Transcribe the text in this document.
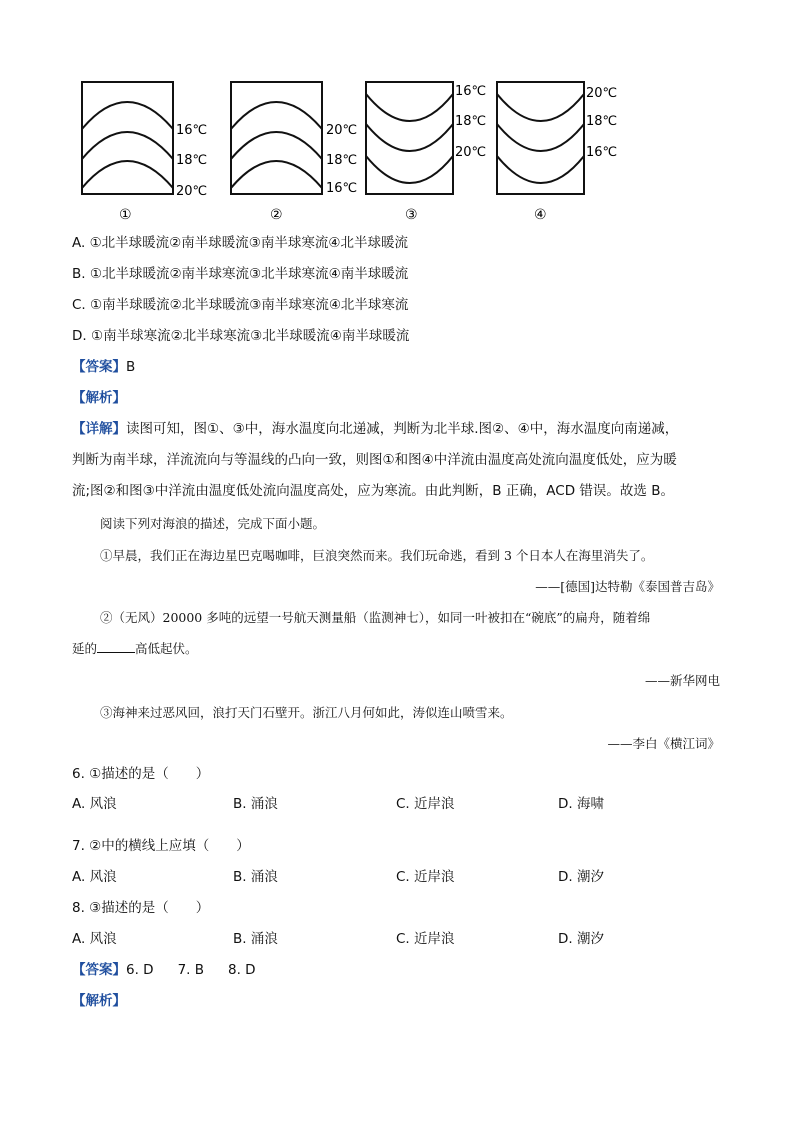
16℃
18℃
20℃
①
20℃
18℃
16℃
②
16℃
18℃
20℃
③
20℃
18℃
16℃
④
A. ①北半球暖流②南半球暖流③南半球寒流④北半球暖流
B. ①北半球暖流②南半球寒流③北半球寒流④南半球暖流
C. ①南半球暖流②北半球暖流③南半球寒流④北半球寒流
D. ①南半球寒流②北半球寒流③北半球暖流④南半球暖流
【答案】B
【解析】
【详解】读图可知，图①、③中，海水温度向北递减，判断为北半球.图②、④中，海水温度向南递减，
判断为南半球，洋流流向与等温线的凸向一致，则图①和图④中洋流由温度高处流向温度低处，应为暖
流;图②和图③中洋流由温度低处流向温度高处，应为寒流。由此判断，B 正确，ACD 错误。故选 B。
阅读下列对海浪的描述，完成下面小题。
①早晨，我们正在海边星巴克喝咖啡，巨浪突然而来。我们玩命逃，看到 3 个日本人在海里消失了。
——[德国]达特勒《泰国普吉岛》
②（无风）20000 多吨的远望一号航天测量船（监测神七），如同一叶被扣在“碗底”的扁舟，随着绵
延的	高低起伏。
——新华网电
③海神来过恶风回，浪打天门石壁开。浙江八月何如此，涛似连山喷雪来。
——李白《横江词》
6. ①描述的是（　　）
A. 风浪	B. 涌浪	C. 近岸浪	D. 海啸
7. ②中的横线上应填（　　）
A. 风浪	B. 涌浪	C. 近岸浪	D. 潮汐
8. ③描述的是（　　）
A. 风浪	B. 涌浪	C. 近岸浪	D. 潮汐
【答案】6. D 7. B 8. D
【解析】
